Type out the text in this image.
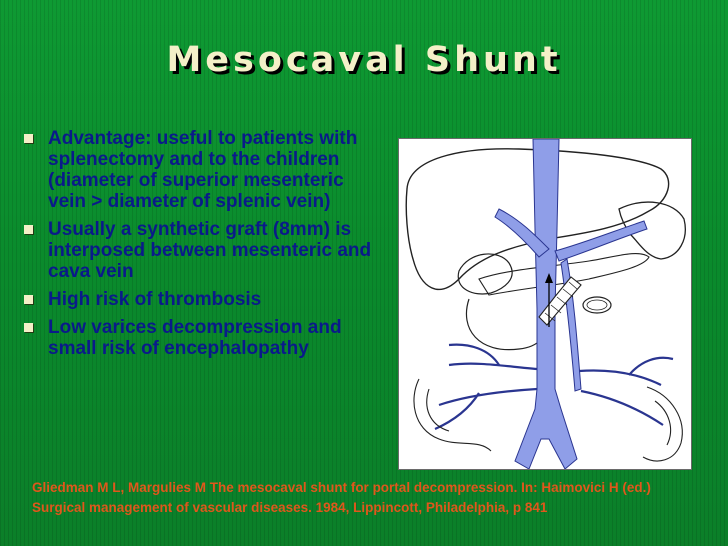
Mesocaval Shunt
Advantage: useful to patients with splenectomy and to the children (diameter of superior mesenteric vein > diameter of splenic vein)
Usually a synthetic graft (8mm) is interposed between mesenteric and cava vein
High risk of thrombosis
Low varices decompression and small risk of encephalopathy
Gliedman M L, Margulies M The mesocaval shunt for portal decompression. In: Haimovici H (ed.) Surgical management of vascular diseases. 1984, Lippincott, Philadelphia, p 841
